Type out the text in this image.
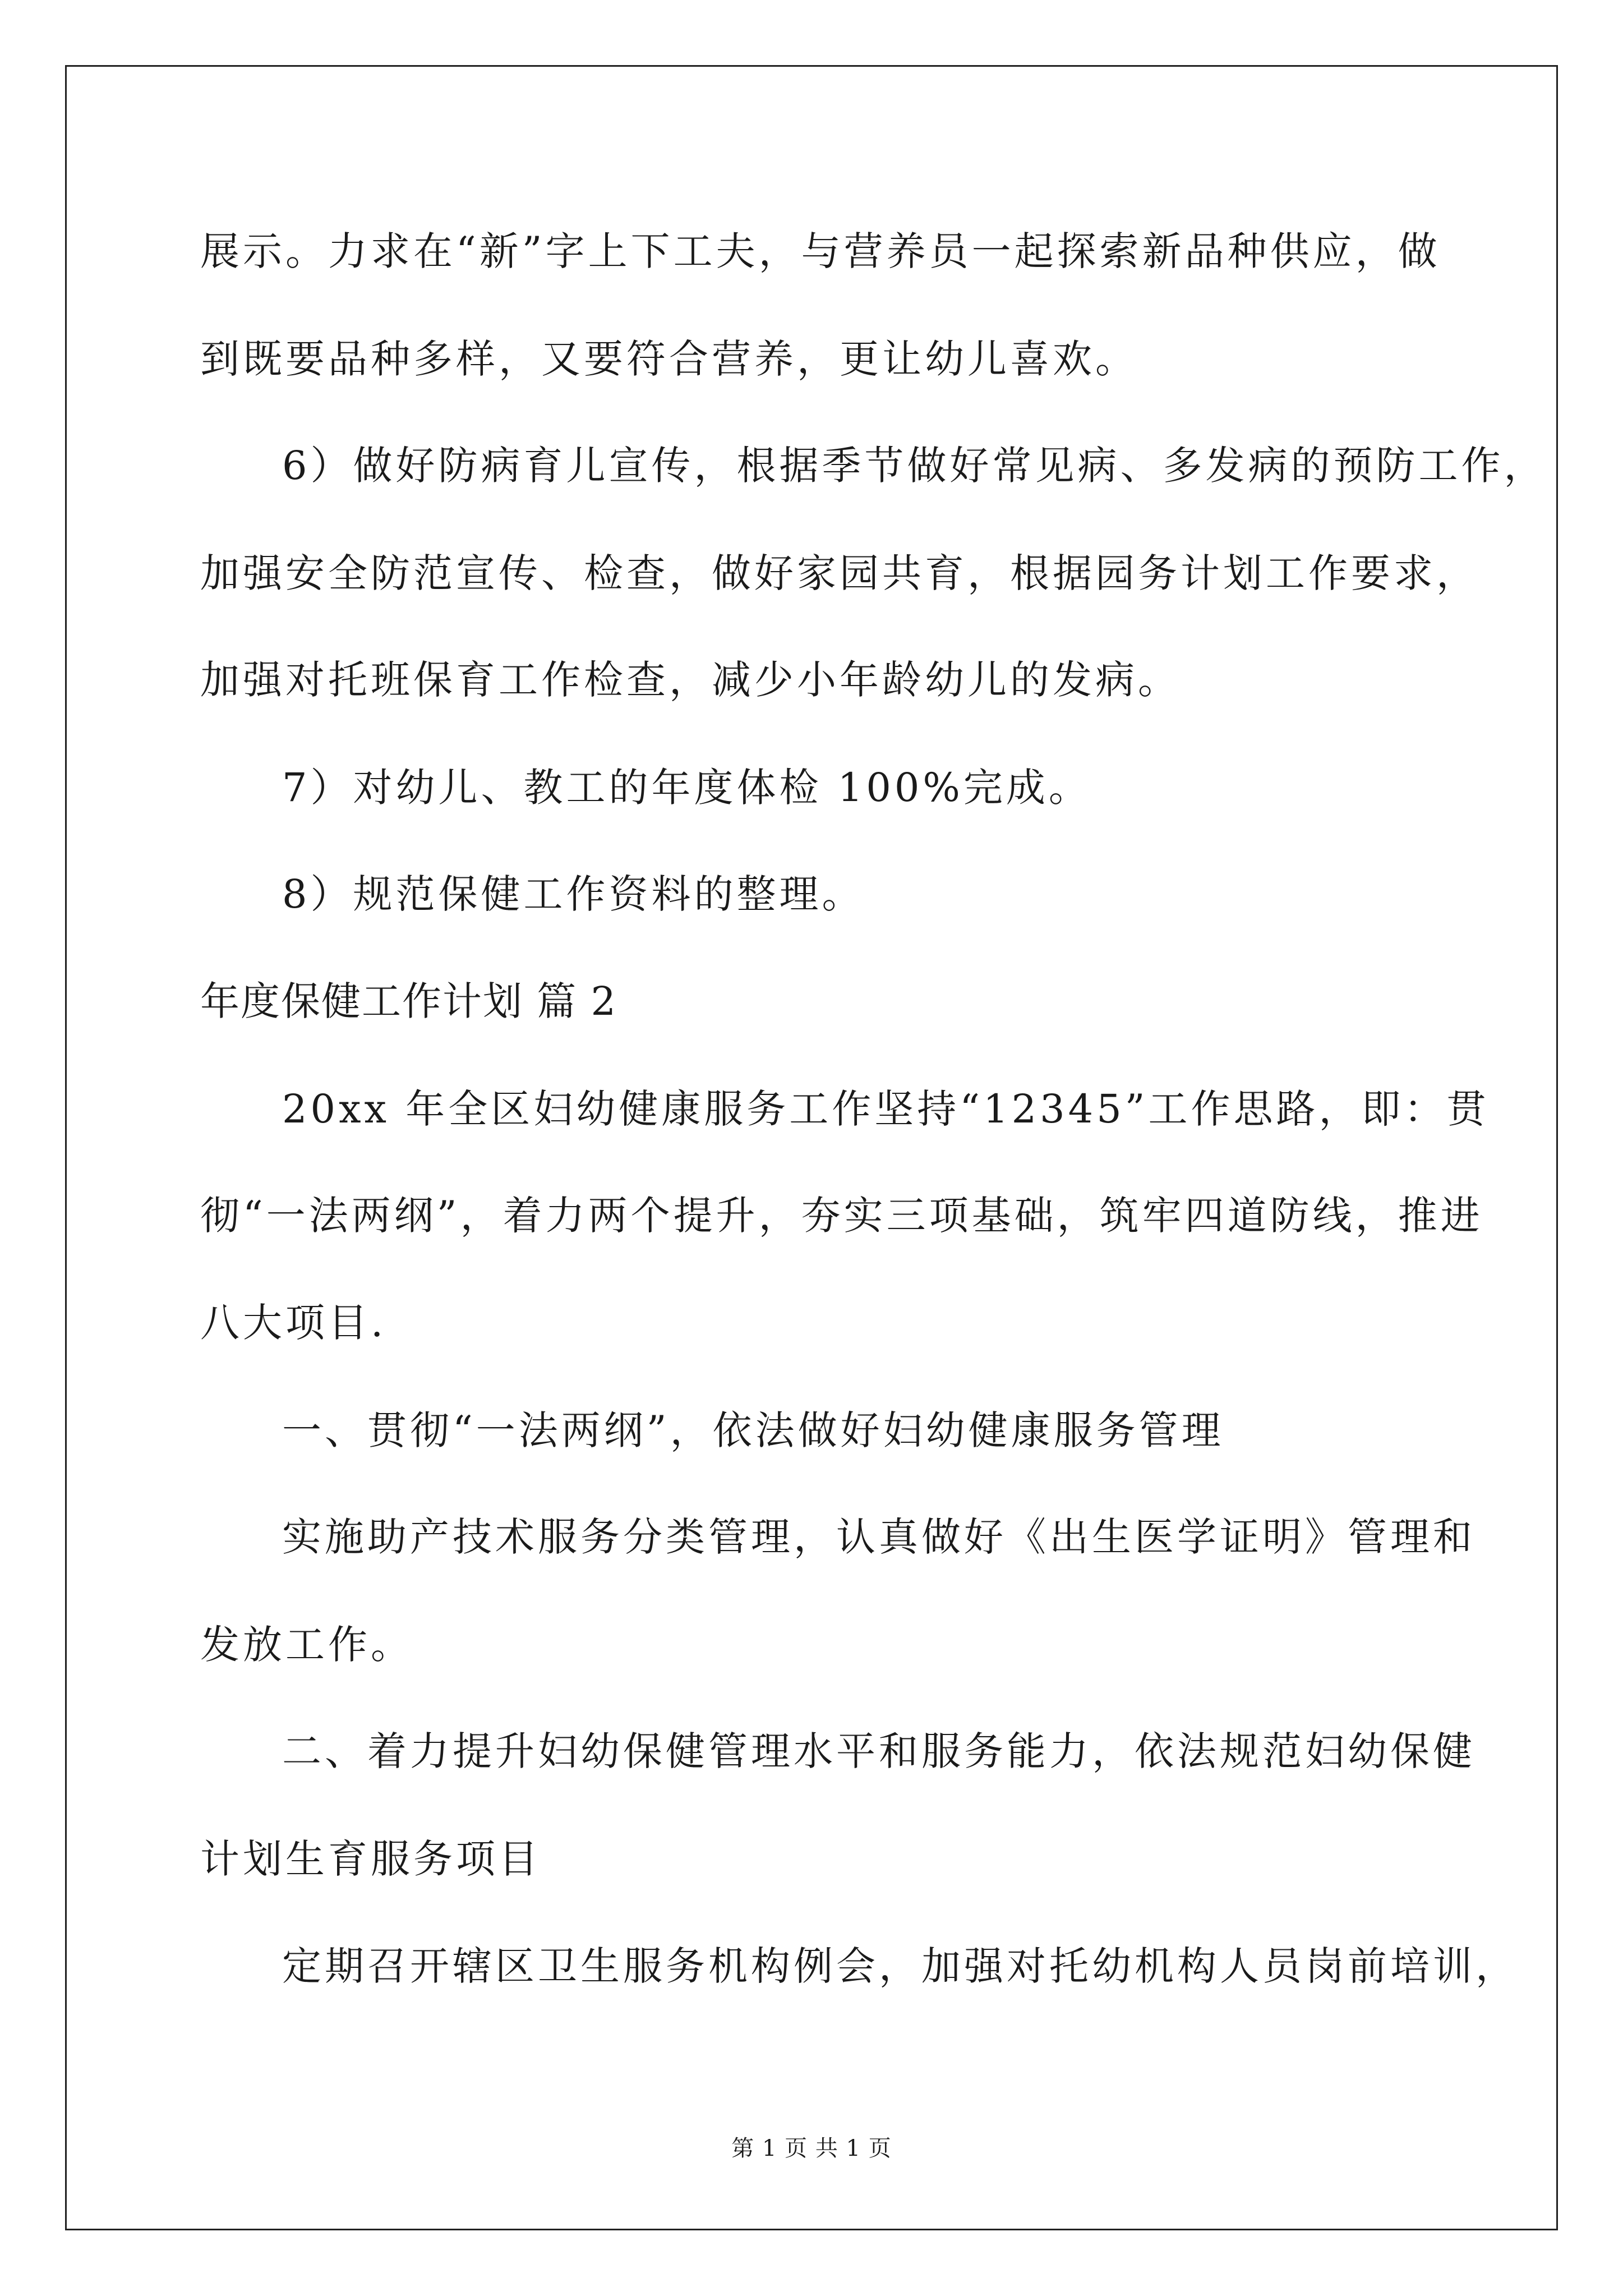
展示。力求在“新”字上下工夫，与营养员一起探索新品种供应，做
到既要品种多样，又要符合营养，更让幼儿喜欢。
6）做好防病育儿宣传，根据季节做好常见病、多发病的预防工作，
加强安全防范宣传、检查，做好家园共育，根据园务计划工作要求，
加强对托班保育工作检查，减少小年龄幼儿的发病。
7）对幼儿、教工的年度体检 100%完成。
8）规范保健工作资料的整理。
年度保健工作计划 篇 2
20xx 年全区妇幼健康服务工作坚持“12345”工作思路，即：贯
彻“一法两纲”，着力两个提升，夯实三项基础，筑牢四道防线，推进
八大项目.
一、贯彻“一法两纲”，依法做好妇幼健康服务管理
实施助产技术服务分类管理，认真做好《出生医学证明》管理和
发放工作。
二、着力提升妇幼保健管理水平和服务能力，依法规范妇幼保健
计划生育服务项目
定期召开辖区卫生服务机构例会，加强对托幼机构人员岗前培训，
第 1 页 共 1 页
